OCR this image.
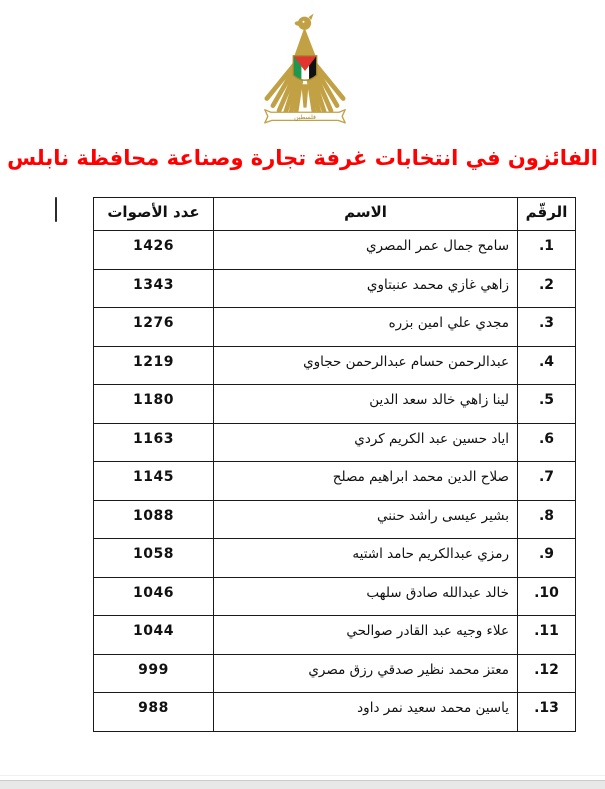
فلسطين
الفائزون في انتخابات غرفة تجارة وصناعة محافظة نابلس
الرقّم	الاسم	عدد الأصوات
1.	سامح جمال عمر المصري	1426
2.	زاهي غازي محمد عنبتاوي	1343
3.	مجدي علي امين بزره	1276
4.	عبدالرحمن حسام عبدالرحمن حجاوي	1219
5.	لينا زاهي خالد سعد الدين	1180
6.	اياد حسين عبد الكريم كردي	1163
7.	صلاح الدين محمد ابراهيم مصلح	1145
8.	بشير عيسى راشد حنني	1088
9.	رمزي عبدالكريم حامد اشتيه	1058
10.	خالد عبدالله صادق سلهب	1046
11.	علاء وجيه عبد القادر صوالحي	1044
12.	معتز محمد نظير صدقي رزق مصري	999
13.	ياسين محمد سعيد نمر داود	988
